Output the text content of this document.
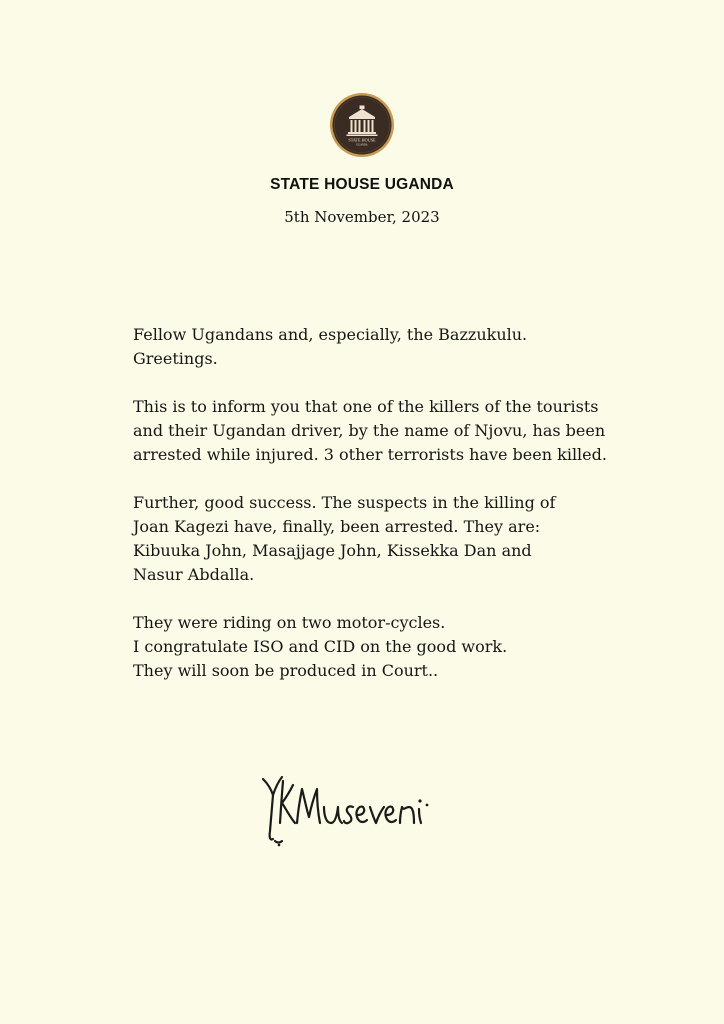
STATE HOUSE
UGANDA
STATE HOUSE UGANDA
5th November, 2023
Fellow Ugandans and, especially, the Bazzukulu.
Greetings.
This is to inform you that one of the killers of the tourists
and their Ugandan driver, by the name of Njovu, has been
arrested while injured. 3 other terrorists have been killed.
Further, good success. The suspects in the killing of
Joan Kagezi have, finally, been arrested. They are:
Kibuuka John, Masajjage John, Kissekka Dan and
Nasur Abdalla.
They were riding on two motor-cycles.
I congratulate ISO and CID on the good work.
They will soon be produced in Court..
